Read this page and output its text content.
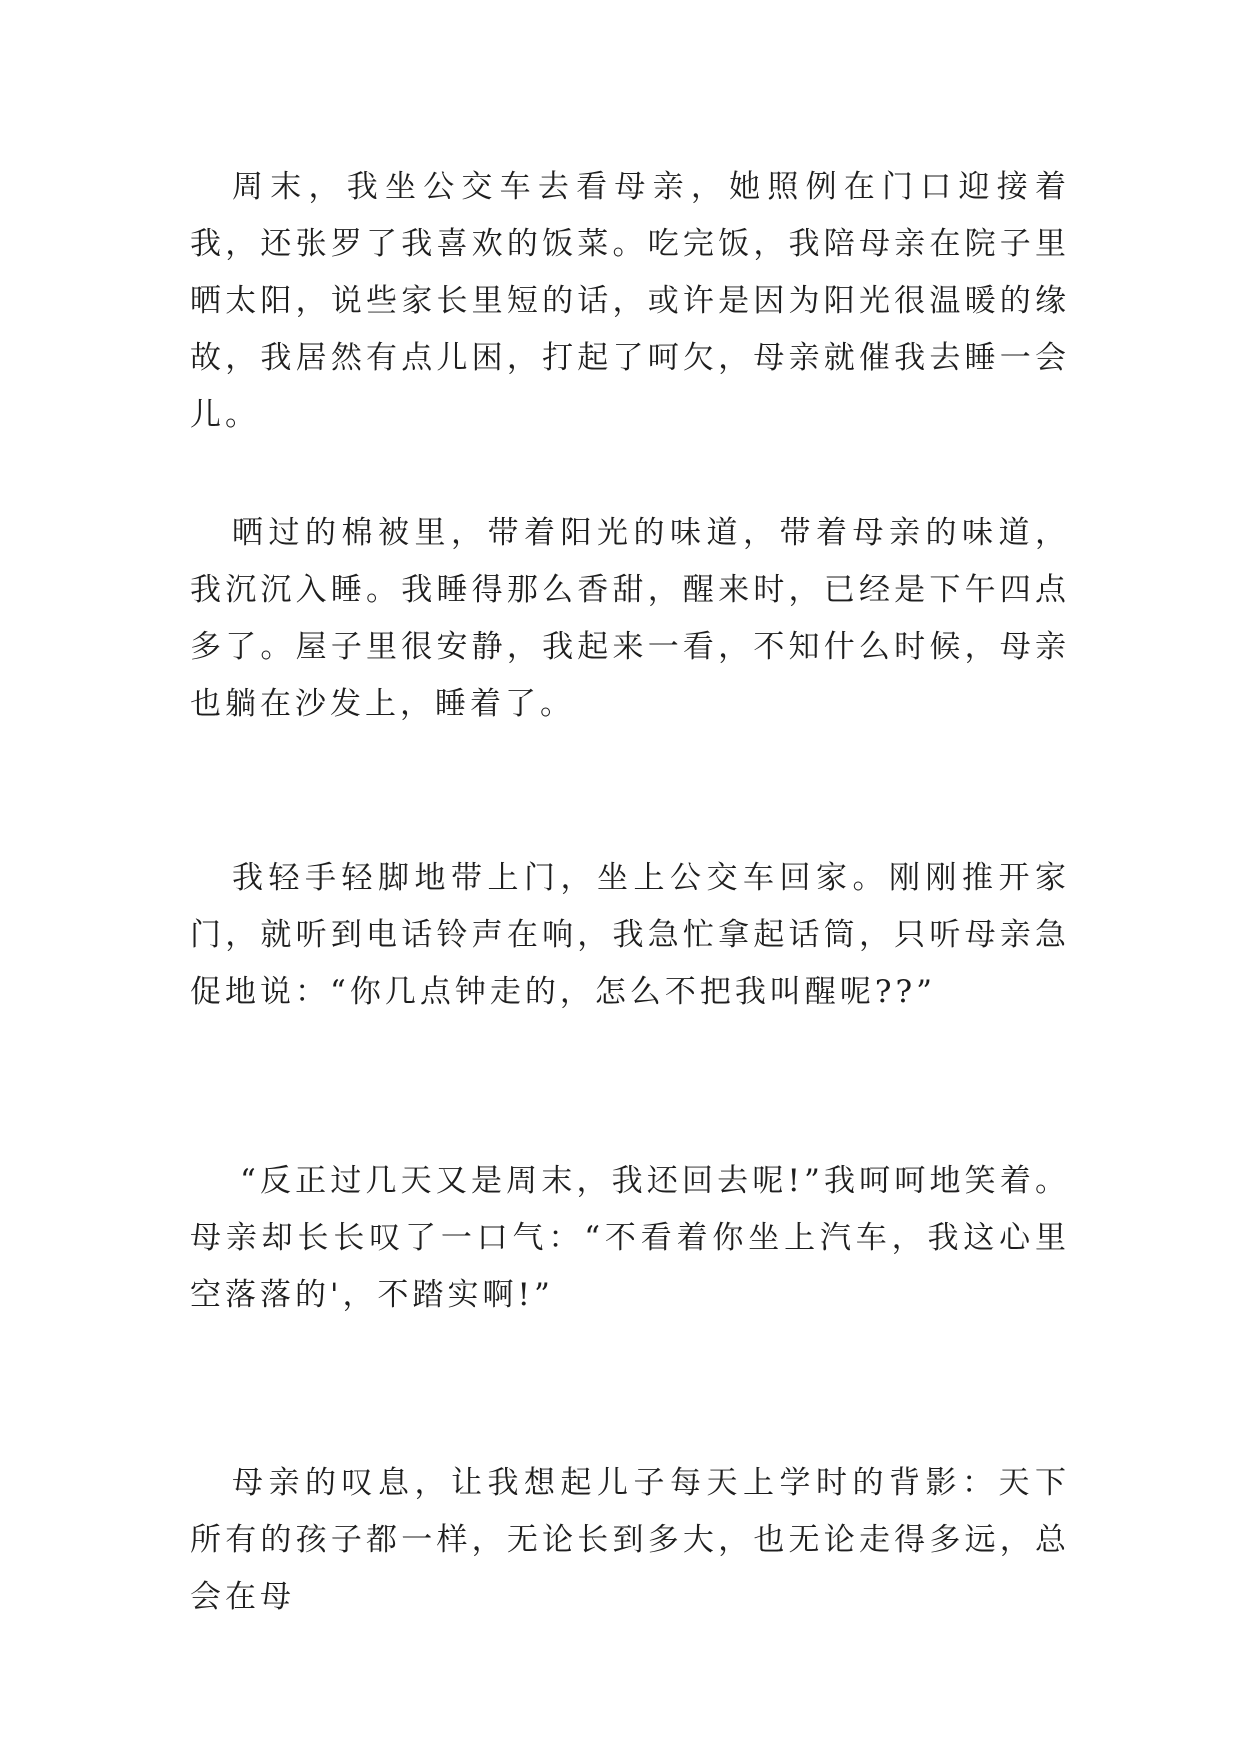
周末，我坐公交车去看母亲，她照例在门口迎接着我，还张罗了我喜欢的饭菜。吃完饭，我陪母亲在院子里晒太阳，说些家长里短的话，或许是因为阳光很温暖的缘故，我居然有点儿困，打起了呵欠，母亲就催我去睡一会儿。

晒过的棉被里，带着阳光的味道，带着母亲的味道，我沉沉入睡。我睡得那么香甜，醒来时，已经是下午四点多了。屋子里很安静，我起来一看，不知什么时候，母亲也躺在沙发上，睡着了。

我轻手轻脚地带上门，坐上公交车回家。刚刚推开家门，就听到电话铃声在响，我急忙拿起话筒，只听母亲急促地说：“你几点钟走的，怎么不把我叫醒呢??”

“反正过几天又是周末，我还回去呢!”我呵呵地笑着。母亲却长长叹了一口气：“不看着你坐上汽车，我这心里空落落的'，不踏实啊!”

母亲的叹息，让我想起儿子每天上学时的背影：天下所有的孩子都一样，无论长到多大，也无论走得多远，总会在母
